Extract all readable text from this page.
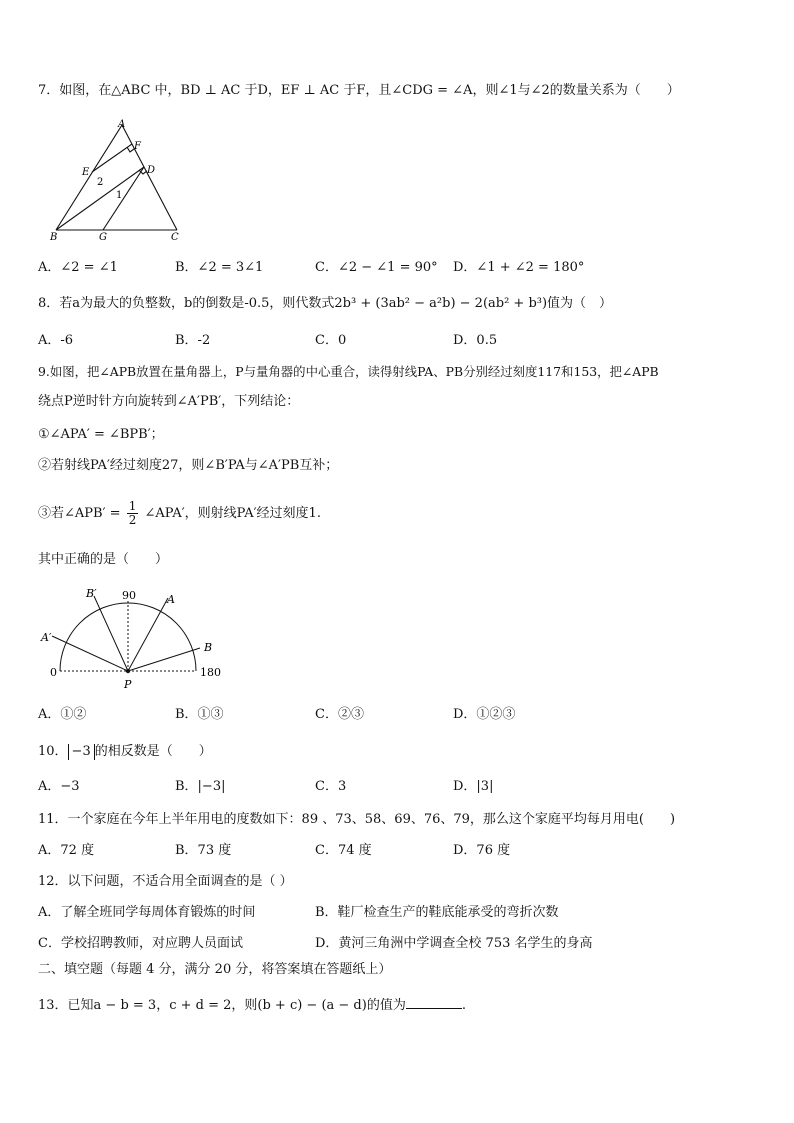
7．如图，在△ABC 中，BD ⊥ AC 于D，EF ⊥ AC 于F，且∠CDG = ∠A，则∠1与∠2的数量关系为（　　）
A
F
E	D
2
1
B	G	C
A．∠2 = ∠1	B．∠2 = 3∠1	C．∠2 − ∠1 = 90° D．∠1 + ∠2 = 180°
8．若a为最大的负整数，b的倒数是-0.5，则代数式2b³ + (3ab² − a²b) − 2(ab² + b³)值为（　）
A．-6	B．-2	C．0	D．0.5
9.如图，把∠APB放置在量角器上，P与量角器的中心重合，读得射线PA、PB分别经过刻度117和153，把∠APB
绕点P逆时针方向旋转到∠A′PB′，下列结论：
①∠APA′ = ∠BPB′；
②若射线PA′经过刻度27，则∠B′PA与∠A′PB互补；
③若∠APB′ = $\frac{1}{2}$ ∠APA′，则射线PA′经过刻度1.
其中正确的是（　　）
B′ 90	A
A′
B
0	180
P
A．①②	B．①③	C．②③	D．①②③
10． −3 的相反数是（　　）
A．−3	B．|−3|	C．3	D．|3|
11．一个家庭在今年上半年用电的度数如下：89 、73、58、69、76、79，那么这个家庭平均每月用电(　　)
A．72 度	B．73 度	C．74 度	D．76 度
12．以下问题，不适合用全面调查的是（ ）
A．了解全班同学每周体育锻炼的时间	B．鞋厂检查生产的鞋底能承受的弯折次数
C．学校招聘教师，对应聘人员面试	D．黄河三角洲中学调查全校 753 名学生的身高
二、填空题（每题 4 分，满分 20 分，将答案填在答题纸上）
13．已知a − b = 3，c + d = 2，则(b + c) − (a − d)的值为	.
